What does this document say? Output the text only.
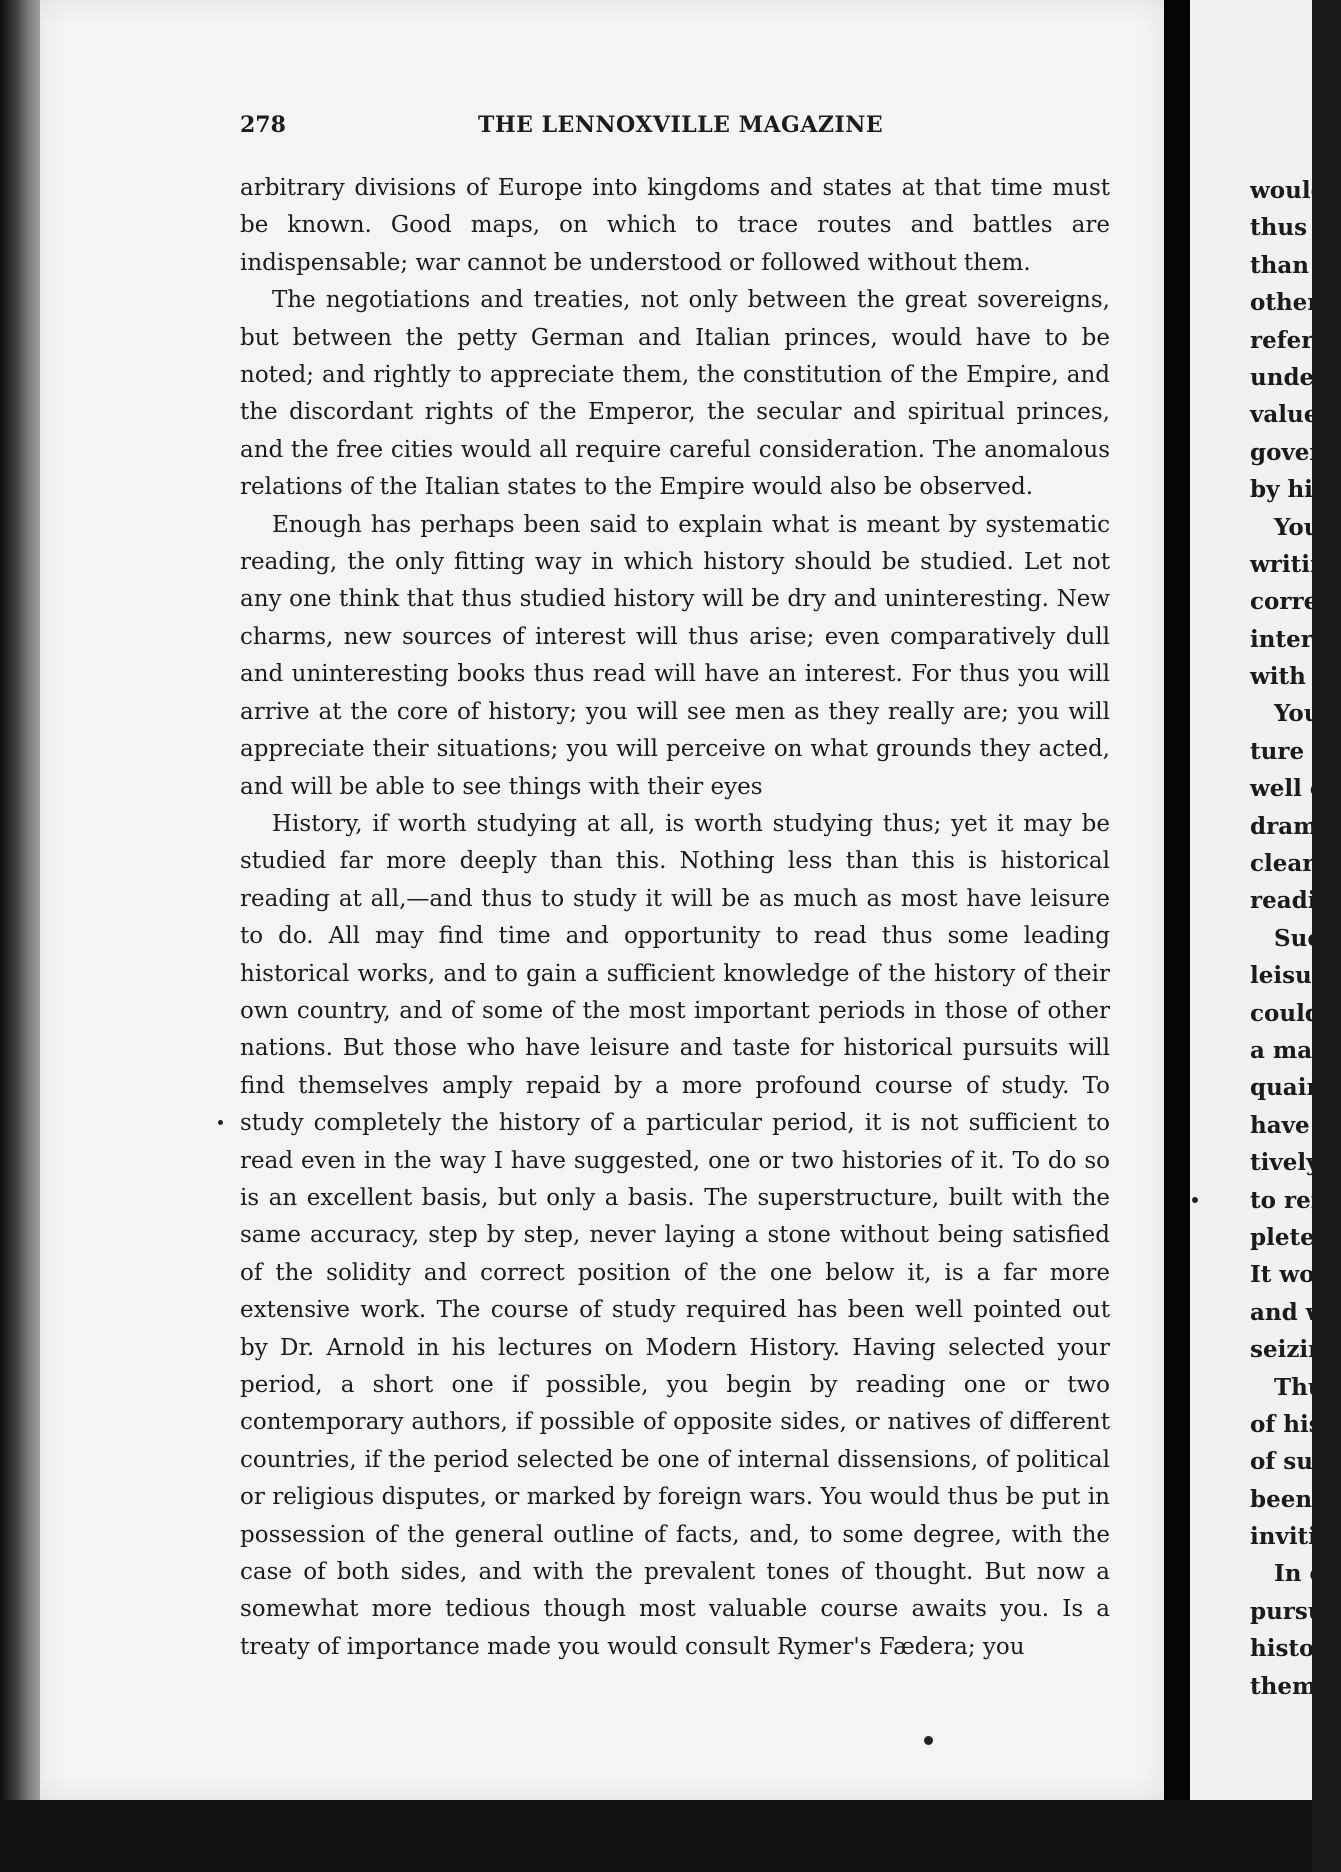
278	THE LENNOXVILLE MAGAZINE

arbitrary divisions of Europe into kingdoms and states at that time must be known. Good maps, on which to trace routes and battles are indispensable; war cannot be understood or followed without them.

The negotiations and treaties, not only between the great sovereigns, but between the petty German and Italian princes, would have to be noted; and rightly to appreciate them, the constitution of the Empire, and the discordant rights of the Emperor, the secular and spiritual princes, and the free cities would all require careful consideration. The anomalous relations of the Italian states to the Empire would also be observed.

Enough has perhaps been said to explain what is meant by systematic reading, the only fitting way in which history should be studied. Let not any one think that thus studied history will be dry and uninteresting. New charms, new sources of interest will thus arise; even comparatively dull and uninteresting books thus read will have an interest. For thus you will arrive at the core of history; you will see men as they really are; you will appreciate their situations; you will perceive on what grounds they acted, and will be able to see things with their eyes

History, if worth studying at all, is worth studying thus; yet it may be studied far more deeply than this. Nothing less than this is historical reading at all,—and thus to study it will be as much as most have leisure to do. All may find time and opportunity to read thus some leading historical works, and to gain a sufficient knowledge of the history of their own country, and of some of the most important periods in those of other nations. But those who have leisure and taste for historical pursuits will find themselves amply repaid by a more profound course of study. To study completely the history of a particular period, it is not sufficient to read even in the way I have suggested, one or two histories of it. To do so is an excellent basis, but only a basis. The superstructure, built with the same accuracy, step by step, never laying a stone without being satisfied of the solidity and correct position of the one below it, is a far more extensive work. The course of study required has been well pointed out by Dr. Arnold in his lectures on Modern History. Having selected your period, a short one if possible, you begin by reading one or two contemporary authors, if possible of opposite sides, or natives of different countries, if the period selected be one of internal dissensions, of political or religious disputes, or marked by foreign wars. You would thus be put in possession of the general outline of facts, and, to some degree, with the case of both sides, and with the prevalent tones of thought. But now a somewhat more tedious though most valuable course awaits you. Is a treaty of importance made you would consult Rymer's Fædera; you

would
thus g
than
other
referr
under
value,
goverr
by hig
You
writin
corres
intere
with t
You
ture o
well of
drama
clearer
readin
Suc
leisure
could
a man
quaint
have c
tively
to refu
pletely
It wou
and w
seizing
Thu
of hist
of sup
been s
invitin
In c
pursue
history
them l
